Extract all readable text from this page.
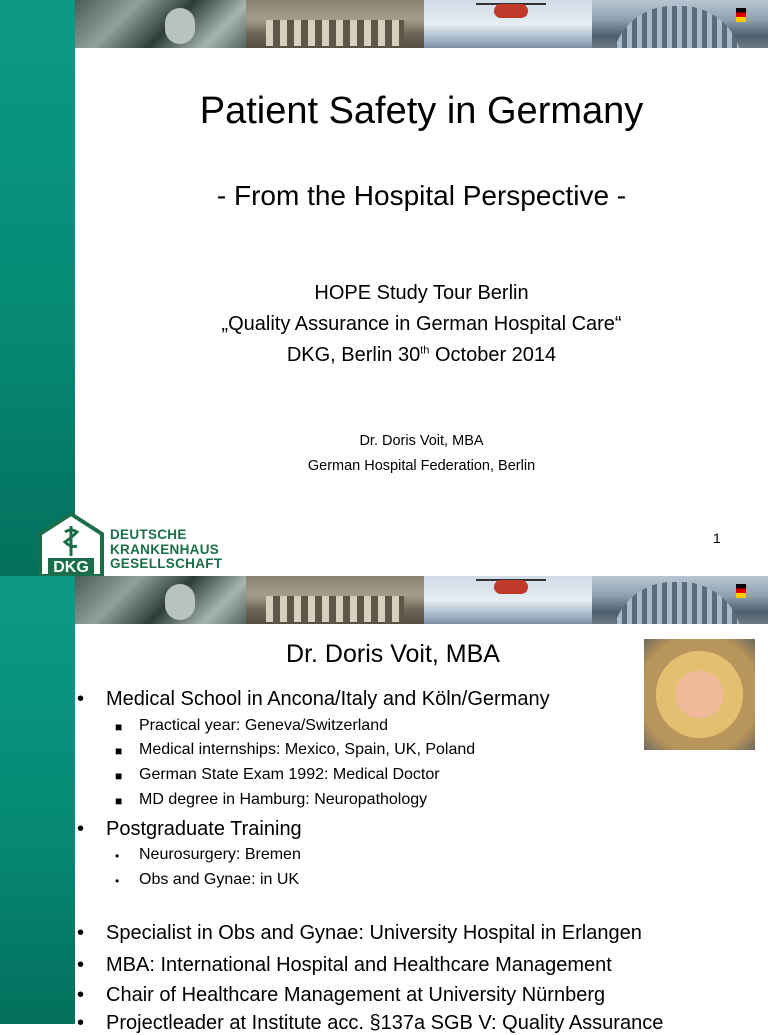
Patient Safety in Germany
- From the Hospital Perspective -
HOPE Study Tour Berlin
„Quality Assurance in German Hospital Care“
DKG, Berlin 30th October 2014
Dr. Doris Voit, MBA
German Hospital Federation, Berlin
1
DKG
DEUTSCHE
KRANKENHAUS
GESELLSCHAFT
Dr. Doris Voit, MBA
• Medical School in Ancona/Italy and Köln/Germany
■ Practical year: Geneva/Switzerland
■ Medical internships: Mexico, Spain, UK, Poland
■ German State Exam 1992: Medical Doctor
■ MD degree in Hamburg: Neuropathology
• Postgraduate Training
• Neurosurgery: Bremen
• Obs and Gynae: in UK
• Specialist in Obs and Gynae: University Hospital in Erlangen
• MBA: International Hospital and Healthcare Management
• Chair of Healthcare Management at University Nürnberg
• Projectleader at Institute acc. §137a SGB V: Quality Assurance
